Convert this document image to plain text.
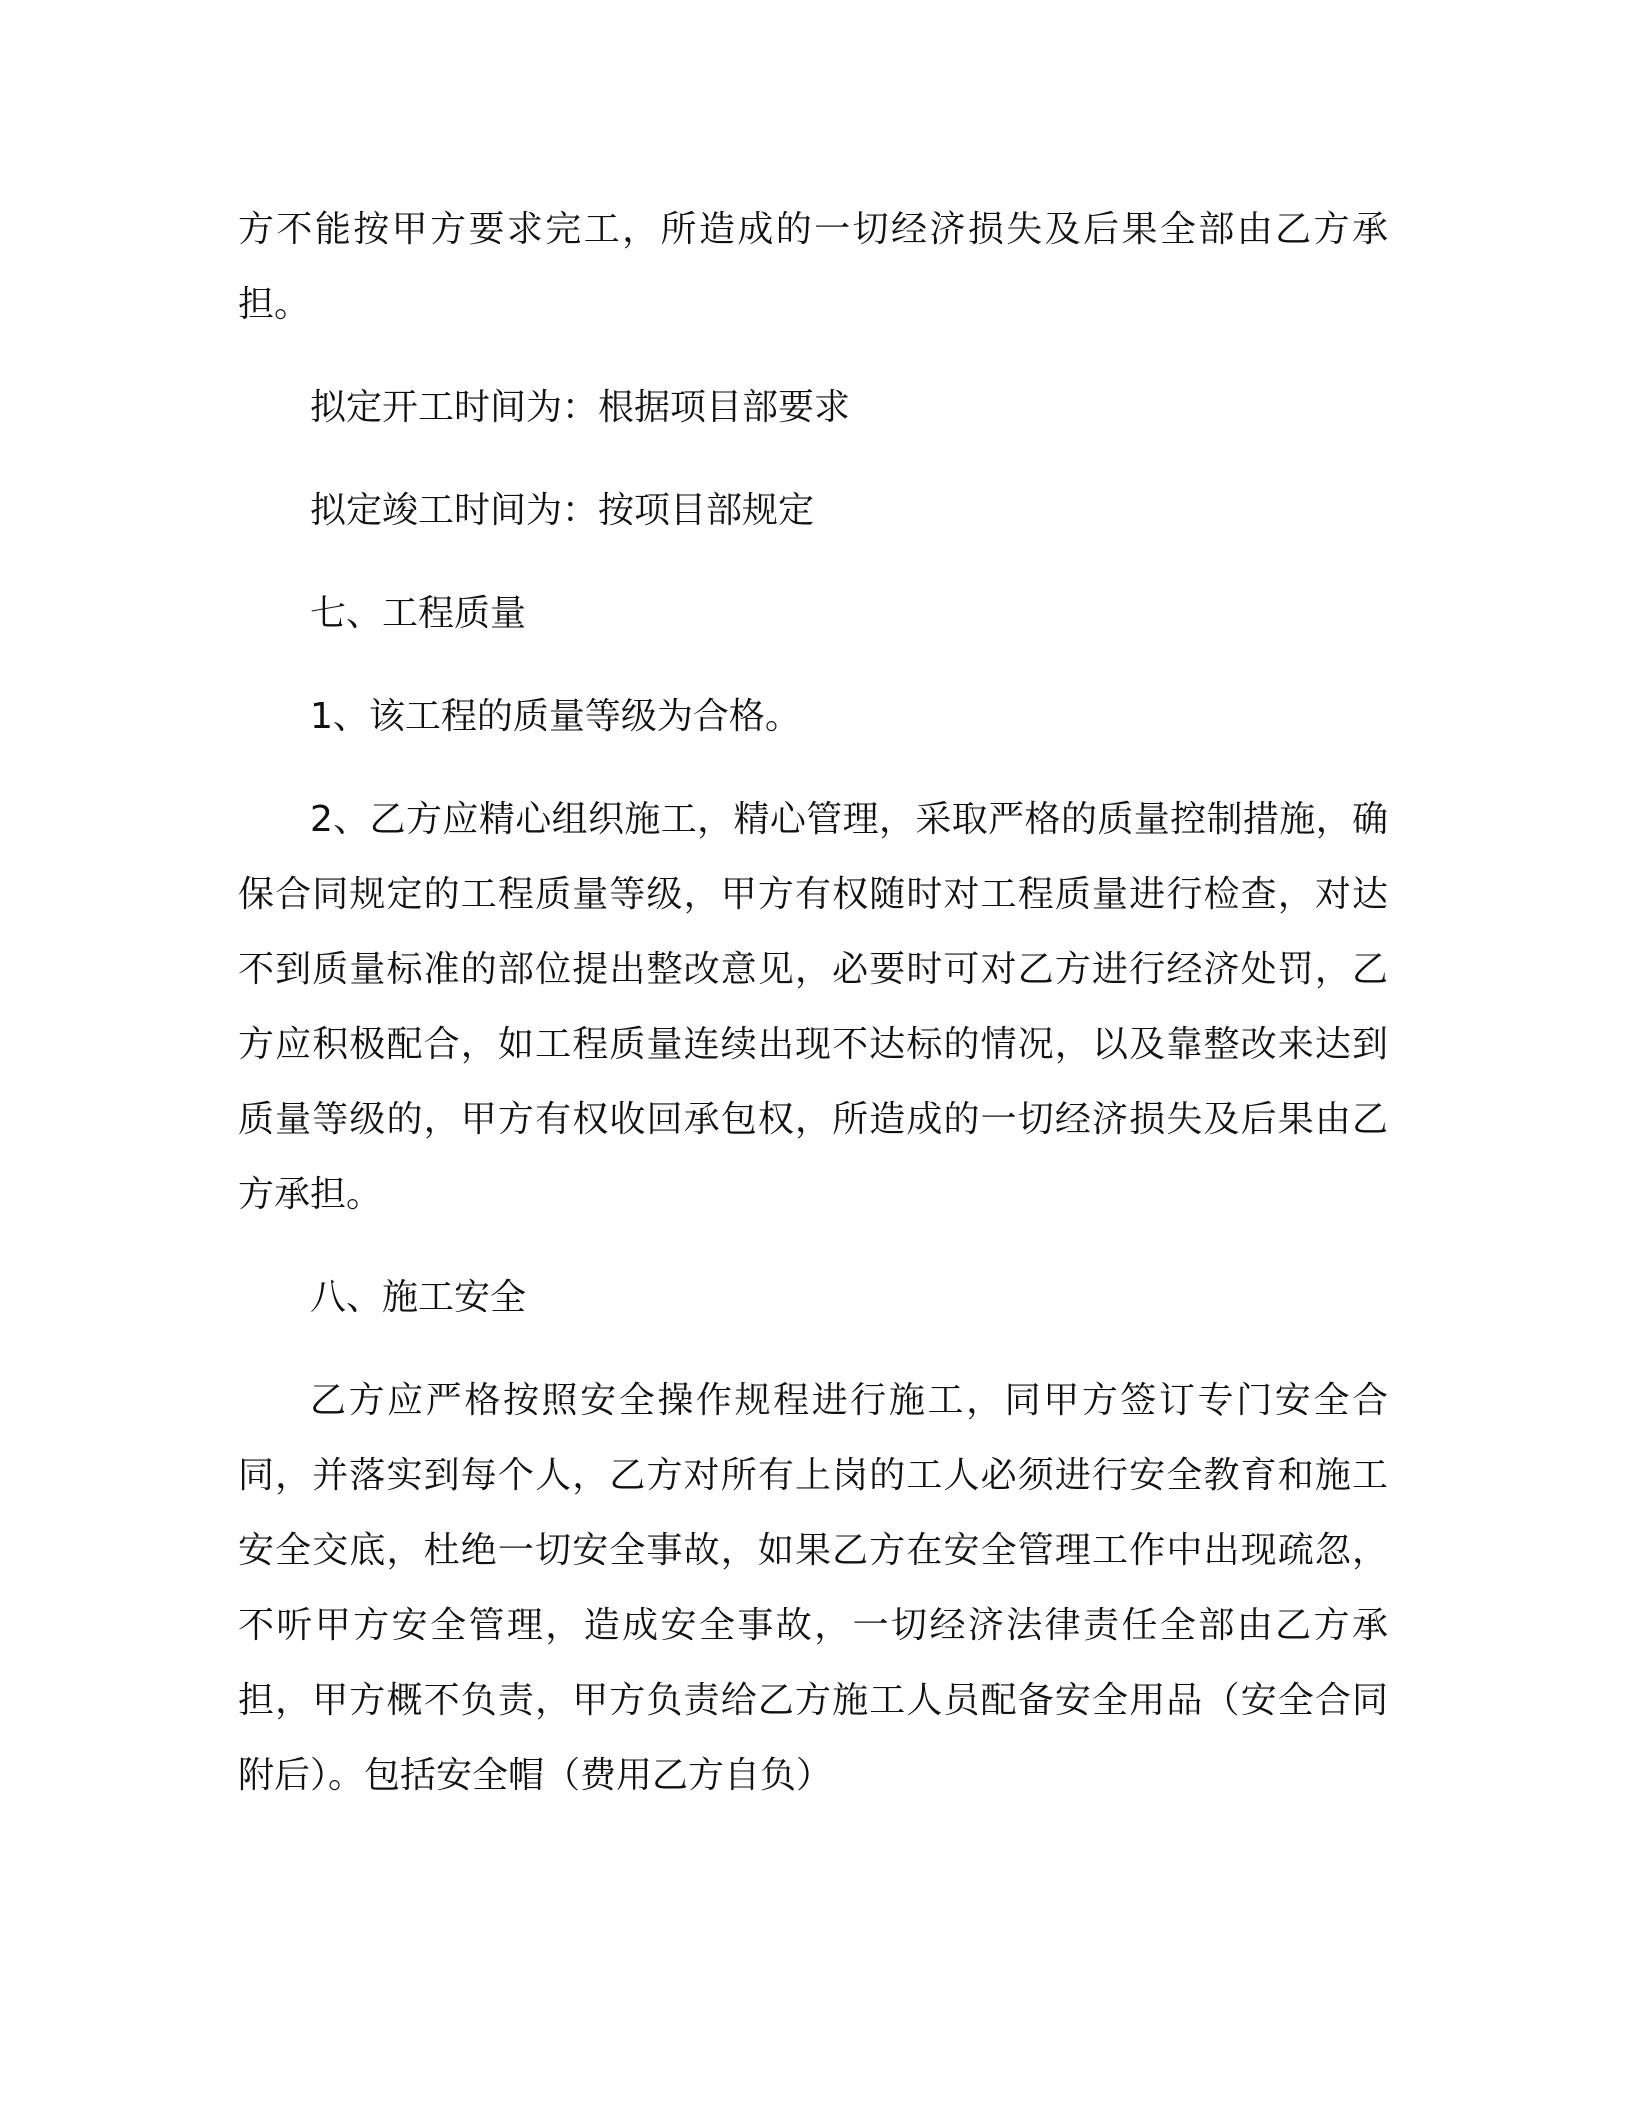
方不能按甲方要求完工，所造成的一切经济损失及后果全部由乙方承担。

拟定开工时间为：根据项目部要求

拟定竣工时间为：按项目部规定

七、工程质量

1、该工程的质量等级为合格。

2、乙方应精心组织施工，精心管理，采取严格的质量控制措施，确保合同规定的工程质量等级，甲方有权随时对工程质量进行检查，对达不到质量标准的部位提出整改意见，必要时可对乙方进行经济处罚，乙方应积极配合，如工程质量连续出现不达标的情况，以及靠整改来达到质量等级的，甲方有权收回承包权，所造成的一切经济损失及后果由乙方承担。

八、施工安全

乙方应严格按照安全操作规程进行施工，同甲方签订专门安全合同，并落实到每个人，乙方对所有上岗的工人必须进行安全教育和施工安全交底，杜绝一切安全事故，如果乙方在安全管理工作中出现疏忽，不听甲方安全管理，造成安全事故，一切经济法律责任全部由乙方承担，甲方概不负责，甲方负责给乙方施工人员配备安全用品（安全合同附后）。包括安全帽（费用乙方自负）
